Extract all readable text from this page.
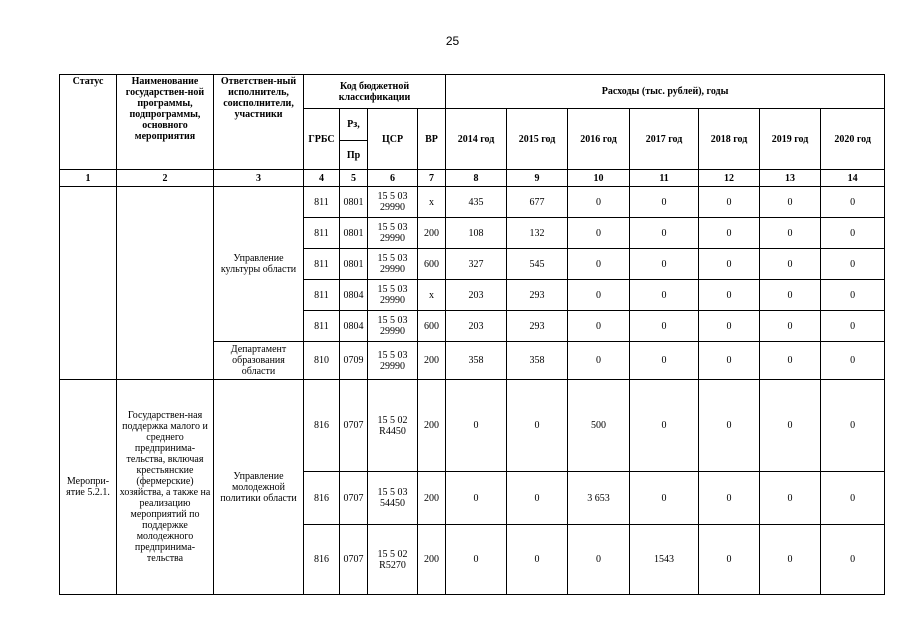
25
Статус	Наименование государствен-ной программы, подпрограммы, основного мероприятия	Ответствен-ный исполнитель, соисполнители, участники	Код бюджетной классификации				Расходы (тыс. рублей), годы						
			ГРБС	Рз,	ЦСР	ВР	2014 год	2015 год	2016 год	2017 год	2018 год	2019 год	2020 год
				Пр									
1	2	3	4	5	6	7	8	9	10	11	12	13	14
		Управление культуры области	811	0801	15 5 03 29990	х	435	677	0	0	0	0	0
			811	0801	15 5 03 29990	200	108	132	0	0	0	0	0
			811	0801	15 5 03 29990	600	327	545	0	0	0	0	0
			811	0804	15 5 03 29990	х	203	293	0	0	0	0	0
			811	0804	15 5 03 29990	600	203	293	0	0	0	0	0
		Департамент образования области	810	0709	15 5 03 29990	200	358	358	0	0	0	0	0
Меропри-ятие 5.2.1.	Государствен-ная поддержка малого и среднего предпринима-тельства, включая крестьянские (фермерские) хозяйства, а также на реализацию мероприятий по поддержке молодежного предпринима-тельства	Управление молодежной политики области	816	0707	15 5 02 R4450	200	0	0	500	0	0	0	0
			816	0707	15 5 03 54450	200	0	0	3 653	0	0	0	0
			816	0707	15 5 02 R5270	200	0	0	0	1543	0	0	0
